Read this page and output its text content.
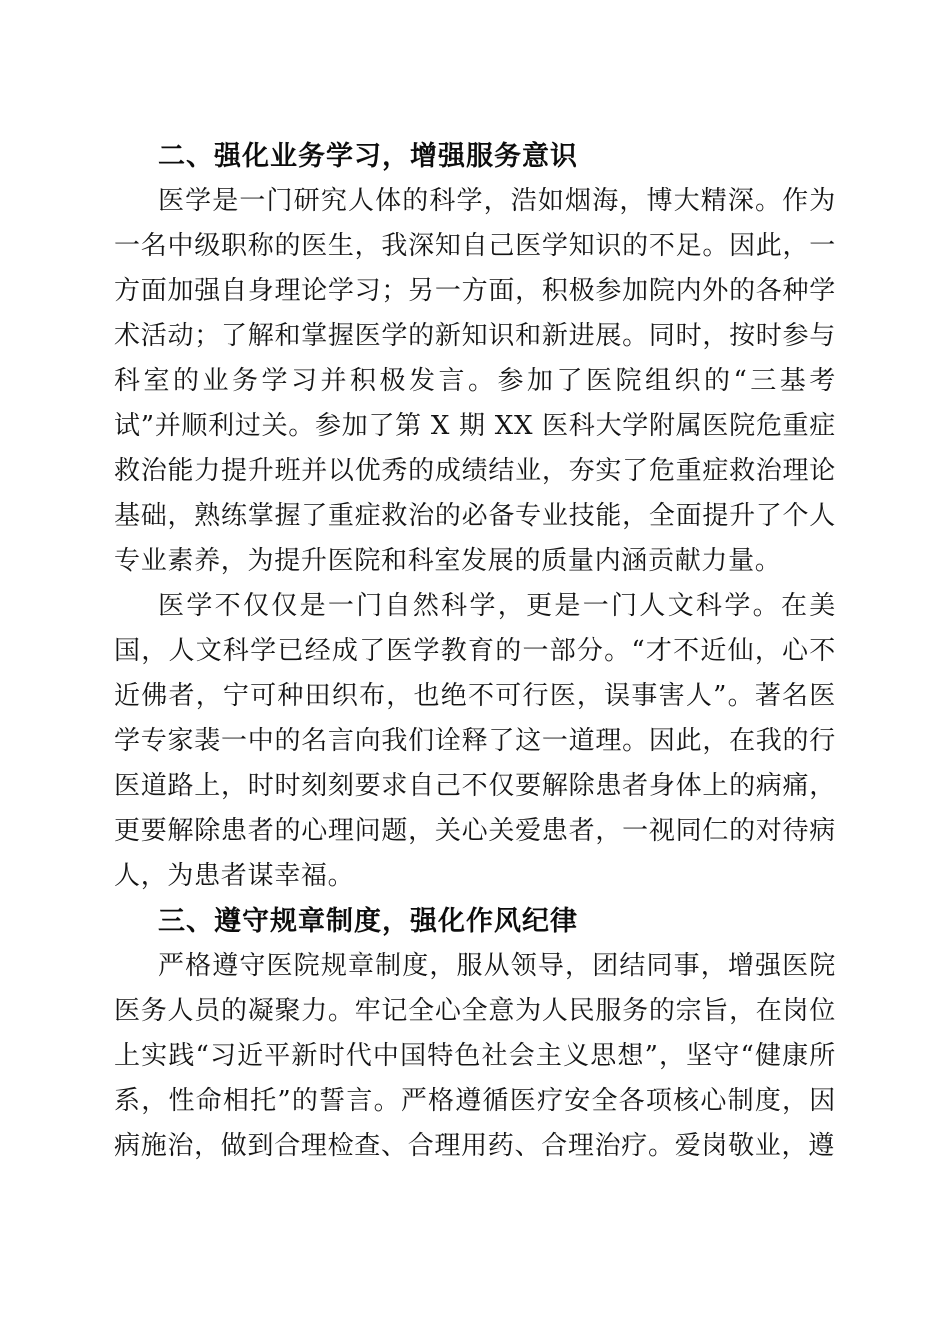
二、强化业务学习，增强服务意识

医学是一门研究人体的科学，浩如烟海，博大精深。作为一名中级职称的医生，我深知自己医学知识的不足。因此，一方面加强自身理论学习；另一方面，积极参加院内外的各种学术活动；了解和掌握医学的新知识和新进展。同时，按时参与科室的业务学习并积极发言。参加了医院组织的“三基考试”并顺利过关。参加了第 X 期 XX 医科大学附属医院危重症救治能力提升班并以优秀的成绩结业，夯实了危重症救治理论基础，熟练掌握了重症救治的必备专业技能，全面提升了个人专业素养，为提升医院和科室发展的质量内涵贡献力量。

医学不仅仅是一门自然科学，更是一门人文科学。在美国，人文科学已经成了医学教育的一部分。“才不近仙，心不近佛者，宁可种田织布，也绝不可行医，误事害人”。著名医学专家裴一中的名言向我们诠释了这一道理。因此，在我的行医道路上，时时刻刻要求自己不仅要解除患者身体上的病痛，更要解除患者的心理问题，关心关爱患者，一视同仁的对待病人，为患者谋幸福。

三、遵守规章制度，强化作风纪律

严格遵守医院规章制度，服从领导，团结同事，增强医院医务人员的凝聚力。牢记全心全意为人民服务的宗旨，在岗位上实践“习近平新时代中国特色社会主义思想”，坚守“健康所系，性命相托”的誓言。严格遵循医疗安全各项核心制度，因病施治，做到合理检查、合理用药、合理治疗。爱岗敬业，遵
